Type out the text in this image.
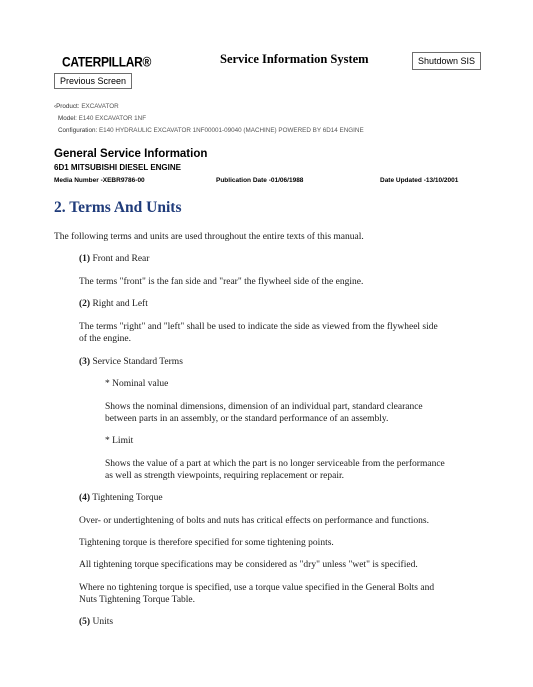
CATERPILLAR®	Service Information System	Shutdown SIS
Previous Screen
‹Product: EXCAVATOR
Model: E140 EXCAVATOR 1NF
Configuration: E140 HYDRAULIC EXCAVATOR 1NF00001-09040 (MACHINE) POWERED BY 6D14 ENGINE
General Service Information
6D1 MITSUBISHI DIESEL ENGINE
Media Number -XEBR9786-00	Publication Date -01/06/1988	Date Updated -13/10/2001
2. Terms And Units
The following terms and units are used throughout the entire texts of this manual.
(1) Front and Rear
The terms "front" is the fan side and "rear" the flywheel side of the engine.
(2) Right and Left
The terms "right" and "left" shall be used to indicate the side as viewed from the flywheel side
of the engine.
(3) Service Standard Terms
* Nominal value
Shows the nominal dimensions, dimension of an individual part, standard clearance
between parts in an assembly, or the standard performance of an assembly.
* Limit
Shows the value of a part at which the part is no longer serviceable from the performance
as well as strength viewpoints, requiring replacement or repair.
(4) Tightening Torque
Over- or undertightening of bolts and nuts has critical effects on performance and functions.
Tightening torque is therefore specified for some tightening points.
All tightening torque specifications may be considered as "dry" unless "wet" is specified.
Where no tightening torque is specified, use a torque value specified in the General Bolts and
Nuts Tightening Torque Table.
(5) Units
